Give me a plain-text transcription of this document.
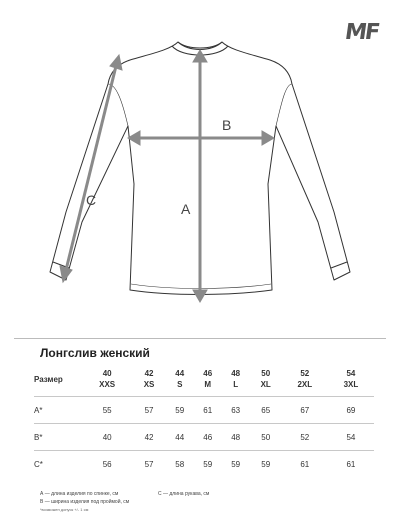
MF
B
A
C
Лонгслив женский
Размер	40	42	44	46	48	50	52	54
	XXS	XS	S	M	L	XL	2XL	3XL

A*	55	57	59	61	63	65	67	69
B*	40	42	44	46	48	50	52	54
C*	56	57	58	59	59	59	61	61
А — длина изделия по спинке, см	С — длина рукава, см
В — ширина изделия под проймой, см
*возможен допуск +/- 1 см
